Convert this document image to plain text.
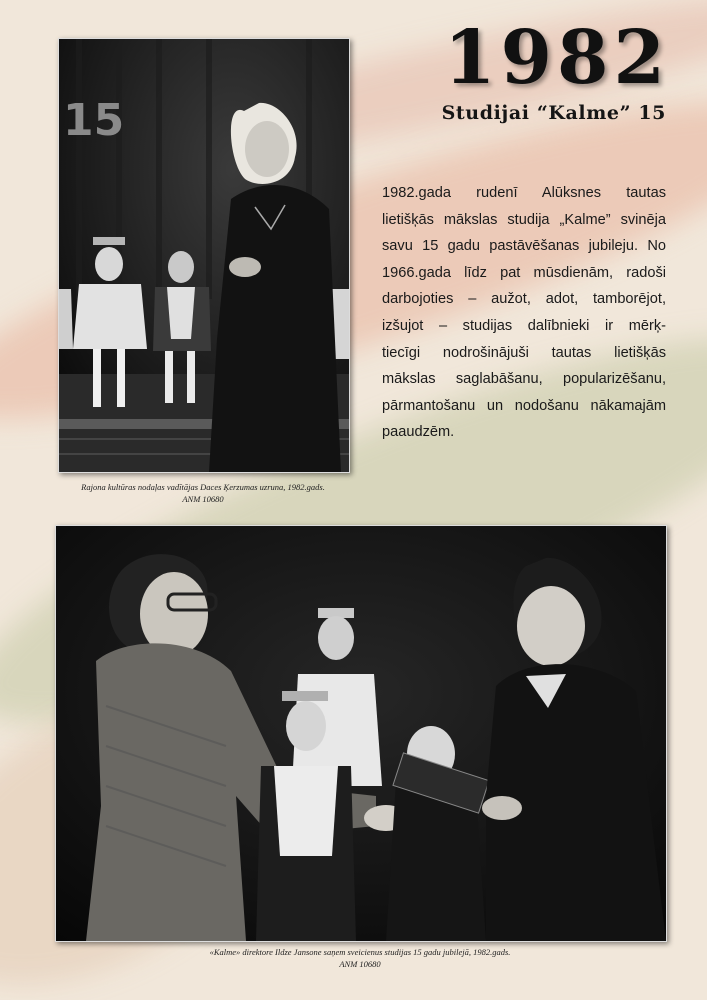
1982
Studijai “Kalme” 15
1982.gada rudenī Alūksnes tautas
lietišķās mākslas studija „Kalme” svinēja
savu 15 gadu pastāvēšanas jubileju. No
1966.gada līdz pat mūsdienām, radoši
darbojoties – aužot, adot, tamborējot,
izšujot – studijas dalībnieki ir mērķ-
tiecīgi nodrošinājuši tautas lietišķās
mākslas saglabāšanu, popularizēšanu,
pārmantošanu un nodošanu nākamajām
paaudzēm.
15
Rajona kultūras nodaļas vadītājas Daces Ķerzumas uzruna, 1982.gads.
ANM 10680
«Kalme» direktore Ildze Jansone saņem sveicienus studijas 15 gadu jubilejā, 1982.gads.
ANM 10680
